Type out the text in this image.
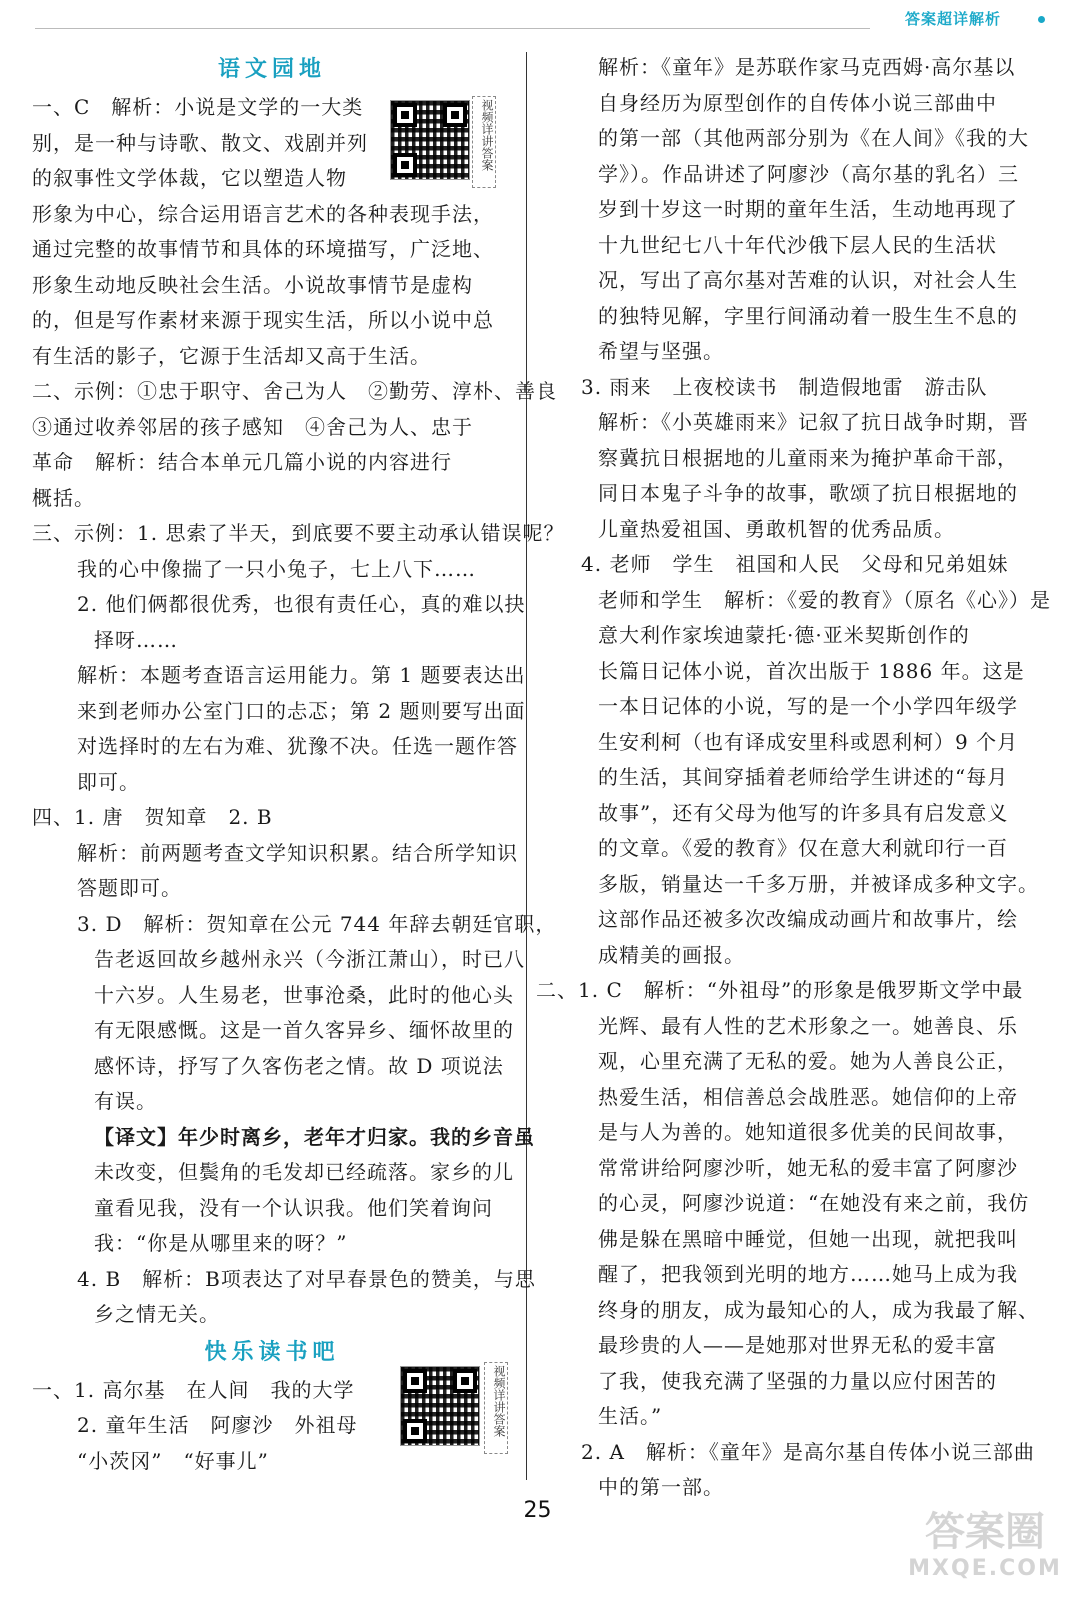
答案超详解析
语文园地
一、C　解析：小说是文学的一大类
别，是一种与诗歌、散文、戏剧并列
的叙事性文学体裁，它以塑造人物
形象为中心，综合运用语言艺术的各种表现手法，
通过完整的故事情节和具体的环境描写，广泛地、
形象生动地反映社会生活。小说故事情节是虚构
的，但是写作素材来源于现实生活，所以小说中总
有生活的影子，它源于生活却又高于生活。
二、示例：①忠于职守、舍己为人　②勤劳、淳朴、善良
③通过收养邻居的孩子感知　④舍己为人、忠于
革命　解析：结合本单元几篇小说的内容进行
概括。
三、示例：1. 思索了半天，到底要不要主动承认错误呢？
我的心中像揣了一只小兔子，七上八下……
2. 他们俩都很优秀，也很有责任心，真的难以抉
择呀……
解析：本题考查语言运用能力。第 1 题要表达出
来到老师办公室门口的忐忑；第 2 题则要写出面
对选择时的左右为难、犹豫不决。任选一题作答
即可。
四、1. 唐　贺知章　2. B
解析：前两题考查文学知识积累。结合所学知识
答题即可。
3. D　解析：贺知章在公元 744 年辞去朝廷官职，
告老返回故乡越州永兴（今浙江萧山），时已八
十六岁。人生易老，世事沧桑，此时的他心头
有无限感慨。这是一首久客异乡、缅怀故里的
感怀诗，抒写了久客伤老之情。故 D 项说法
有误。
【译文】年少时离乡，老年才归家。我的乡音虽
未改变，但鬓角的毛发却已经疏落。家乡的儿
童看见我，没有一个认识我。他们笑着询问
我：“你是从哪里来的呀？”
4. B　解析：B项表达了对早春景色的赞美，与思
乡之情无关。
快乐读书吧
一、1. 高尔基　在人间　我的大学
2. 童年生活　阿廖沙　外祖母
“小茨冈”　“好事儿”
视频详讲答案
视频详讲答案
解析：《童年》是苏联作家马克西姆·高尔基以
自身经历为原型创作的自传体小说三部曲中
的第一部（其他两部分别为《在人间》《我的大
学》）。作品讲述了阿廖沙（高尔基的乳名）三
岁到十岁这一时期的童年生活，生动地再现了
十九世纪七八十年代沙俄下层人民的生活状
况，写出了高尔基对苦难的认识，对社会人生
的独特见解，字里行间涌动着一股生生不息的
希望与坚强。
3. 雨来　上夜校读书　制造假地雷　游击队
解析：《小英雄雨来》记叙了抗日战争时期，晋
察冀抗日根据地的儿童雨来为掩护革命干部，
同日本鬼子斗争的故事，歌颂了抗日根据地的
儿童热爱祖国、勇敢机智的优秀品质。
4. 老师　学生　祖国和人民　父母和兄弟姐妹
老师和学生　解析：《爱的教育》（原名《心》）是
意大利作家埃迪蒙托·德·亚米契斯创作的
长篇日记体小说，首次出版于 1886 年。这是
一本日记体的小说，写的是一个小学四年级学
生安利柯（也有译成安里科或恩利柯）9 个月
的生活，其间穿插着老师给学生讲述的“每月
故事”，还有父母为他写的许多具有启发意义
的文章。《爱的教育》仅在意大利就印行一百
多版，销量达一千多万册，并被译成多种文字。
这部作品还被多次改编成动画片和故事片，绘
成精美的画报。
二、1. C　解析：“外祖母”的形象是俄罗斯文学中最
光辉、最有人性的艺术形象之一。她善良、乐
观，心里充满了无私的爱。她为人善良公正，
热爱生活，相信善总会战胜恶。她信仰的上帝
是与人为善的。她知道很多优美的民间故事，
常常讲给阿廖沙听，她无私的爱丰富了阿廖沙
的心灵，阿廖沙说道：“在她没有来之前，我仿
佛是躲在黑暗中睡觉，但她一出现，就把我叫
醒了，把我领到光明的地方……她马上成为我
终身的朋友，成为最知心的人，成为我最了解、
最珍贵的人——是她那对世界无私的爱丰富
了我，使我充满了坚强的力量以应付困苦的
生活。”
2. A　解析：《童年》是高尔基自传体小说三部曲
中的第一部。
25	答案圈
MXQE.COM
